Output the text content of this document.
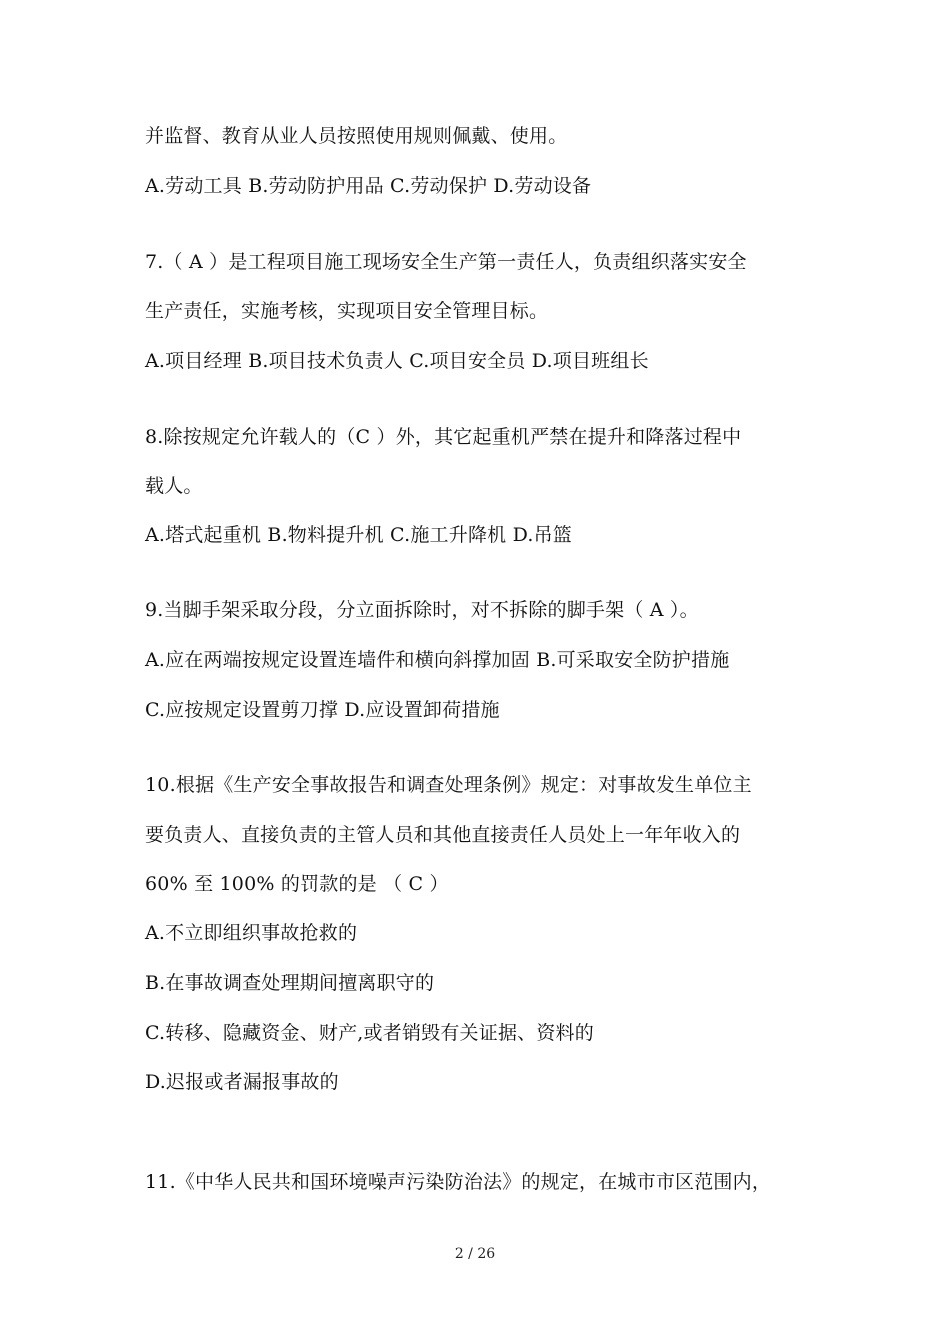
并监督、教育从业人员按照使用规则佩戴、使用。
A.劳动工具 B.劳动防护用品 C.劳动保护 D.劳动设备
7.（ A ）是工程项目施工现场安全生产第一责任人，负责组织落实安全
生产责任，实施考核，实现项目安全管理目标。
A.项目经理 B.项目技术负责人 C.项目安全员 D.项目班组长
8.除按规定允许载人的（C ）外，其它起重机严禁在提升和降落过程中
载人。
A.塔式起重机 B.物料提升机 C.施工升降机 D.吊篮
9.当脚手架采取分段，分立面拆除时，对不拆除的脚手架（ A ）。
A.应在两端按规定设置连墙件和横向斜撑加固 B.可采取安全防护措施
C.应按规定设置剪刀撑 D.应设置卸荷措施
10.根据《生产安全事故报告和调查处理条例》规定：对事故发生单位主
要负责人、直接负责的主管人员和其他直接责任人员处上一年年收入的
60% 至 100% 的罚款的是 （ C ）
A.不立即组织事故抢救的
B.在事故调查处理期间擅离职守的
C.转移、隐藏资金、财产,或者销毁有关证据、资料的
D.迟报或者漏报事故的
11.《中华人民共和国环境噪声污染防治法》的规定，在城市市区范围内，
2 / 26
